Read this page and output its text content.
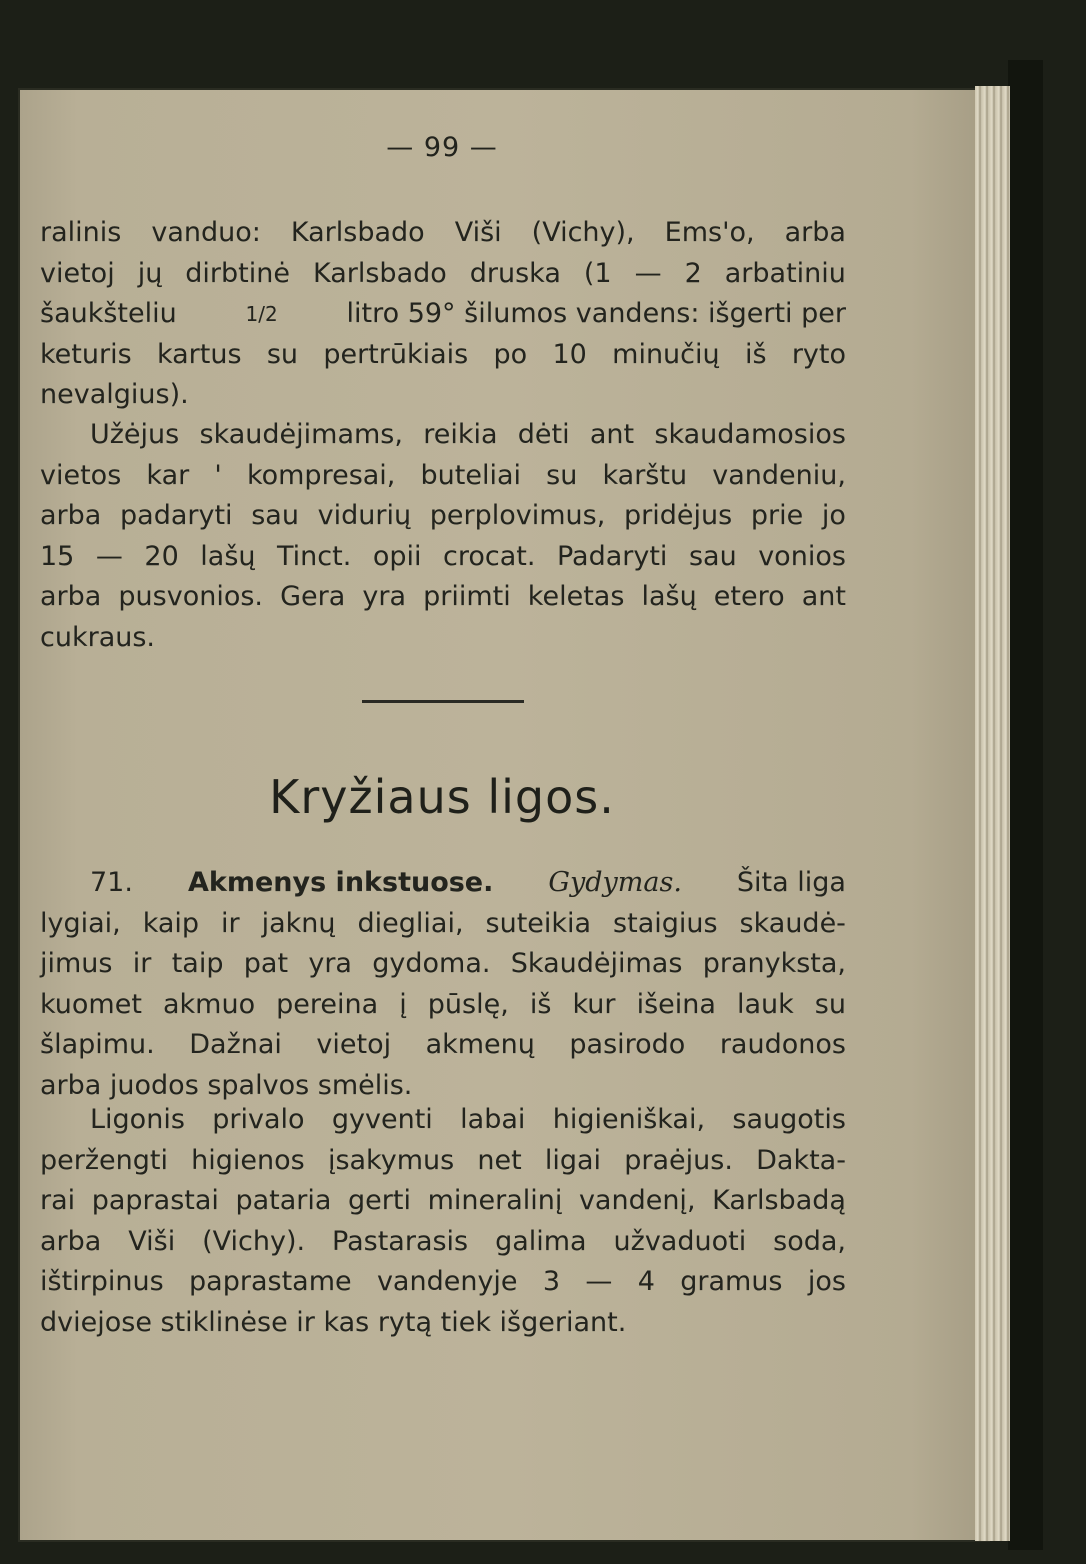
— 99 —
ralinis vanduo: Karlsbado Viši (Vichy), Ems'o, arba
vietoj jų dirbtinė Karlsbado druska (1 — 2 arbatiniu
šaukšteliu	1/2	litro 59° šilumos vandens: išgerti per
keturis kartus su pertrūkiais po 10 minučių iš ryto
nevalgius).
Užėjus skaudėjimams, reikia dėti ant skaudamosios
vietos kar ' kompresai, buteliai su karštu vandeniu,
arba padaryti sau vidurių perplovimus, pridėjus prie jo
15 — 20 lašų Tinct. opii crocat. Padaryti sau vonios
arba pusvonios. Gera yra priimti keletas lašų etero ant
cukraus.
Kryžiaus ligos.
71. Akmenys inkstuose. Gydymas. Šita liga
lygiai, kaip ir jaknų diegliai, suteikia staigius skaudė-
jimus ir taip pat yra gydoma. Skaudėjimas pranyksta,
kuomet akmuo pereina į pūslę, iš kur išeina lauk su
šlapimu. Dažnai vietoj akmenų pasirodo raudonos
arba juodos spalvos smėlis.
Ligonis privalo gyventi labai higieniškai, saugotis
peržengti higienos įsakymus net ligai praėjus. Dakta-
rai paprastai pataria gerti mineralinį vandenį, Karlsbadą
arba Viši (Vichy). Pastarasis galima užvaduoti soda,
ištirpinus paprastame vandenyje 3 — 4 gramus jos
dviejose stiklinėse ir kas rytą tiek išgeriant.
